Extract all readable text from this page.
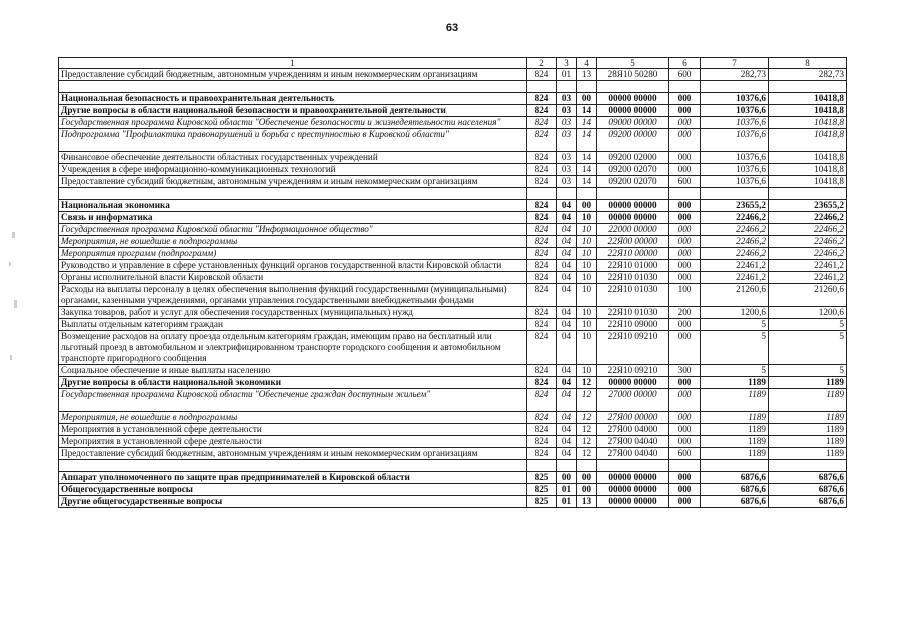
63
1	2	3	4	5	6	7	8
Предоставление субсидий бюджетным, автономным учреждениям и иным некоммерческим организациям	824	01	13	28Я10 50280	600	282,73	282,73

Национальная безопасность и правоохранительная деятельность	824	03	00	00000 00000	000	10376,6	10418,8
Другие вопросы в области национальной безопасности и правоохранительной деятельности	824	03	14	00000 00000	000	10376,6	10418,8
Государственная программа Кировской области "Обеспечение безопасности и жизнедеятельности населения"	824	03	14	09000 00000	000	10376,6	10418,8
Подпрограмма "Профилактика правонарушений и борьба с преступностью в Кировской области"	824	03	14	09200 00000	000	10376,6	10418,8
Финансовое обеспечение деятельности областных государственных учреждений	824	03	14	09200 02000	000	10376,6	10418,8
Учреждения в сфере информационно-коммуникационных технологий	824	03	14	09200 02070	000	10376,6	10418,8
Предоставление субсидий бюджетным, автономным учреждениям и иным некоммерческим организациям	824	03	14	09200 02070	600	10376,6	10418,8

Национальная экономика	824	04	00	00000 00000	000	23655,2	23655,2
Связь и информатика	824	04	10	00000 00000	000	22466,2	22466,2
Государственная программа Кировской области "Информационное общество"	824	04	10	22000 00000	000	22466,2	22466,2
Мероприятия, не вошедшие в подпрограммы	824	04	10	22Я00 00000	000	22466,2	22466,2
Мероприятия программ (подпрограмм)	824	04	10	22Я10 00000	000	22466,2	22466,2
Руководство и управление в сфере установленных функций органов государственной власти Кировской области	824	04	10	22Я10 01000	000	22461,2	22461,2
Органы исполнительной власти Кировской области	824	04	10	22Я10 01030	000	22461,2	22461,2
Расходы на выплаты персоналу в целях обеспечения выполнения функций государственными (муниципальными) органами, казенными учреждениями, органами управления государственными внебюджетными фондами	824	04	10	22Я10 01030	100	21260,6	21260,6
Закупка товаров, работ и услуг для обеспечения государственных (муниципальных) нужд	824	04	10	22Я10 01030	200	1200,6	1200,6
Выплаты отдельным категориям граждан	824	04	10	22Я10 09000	000	5	5
Возмещение расходов на оплату проезда отдельным категориям граждан, имеющим право на бесплатный или льготный проезд в автомобильном и электрифицированном транспорте городского сообщения и автомобильном транспорте пригородного сообщения	824	04	10	22Я10 09210	000	5	5
Социальное обеспечение и иные выплаты населению	824	04	10	22Я10 09210	300	5	5
Другие вопросы в области национальной экономики	824	04	12	00000 00000	000	1189	1189
Государственная программа Кировской области "Обеспечение граждан доступным жильем"	824	04	12	27000 00000	000	1189	1189
Мероприятия, не вошедшие в подпрограммы	824	04	12	27Я00 00000	000	1189	1189
Мероприятия в установленной сфере деятельности	824	04	12	27Я00 04000	000	1189	1189
Мероприятия в установленной сфере деятельности	824	04	12	27Я00 04040	000	1189	1189
Предоставление субсидий бюджетным, автономным учреждениям и иным некоммерческим организациям	824	04	12	27Я00 04040	600	1189	1189

Аппарат уполномоченного по защите прав предпринимателей в Кировской области	825	00	00	00000 00000	000	6876,6	6876,6
Общегосударственные вопросы	825	01	00	00000 00000	000	6876,6	6876,6
Другие общегосударственные вопросы	825	01	13	00000 00000	000	6876,6	6876,6
